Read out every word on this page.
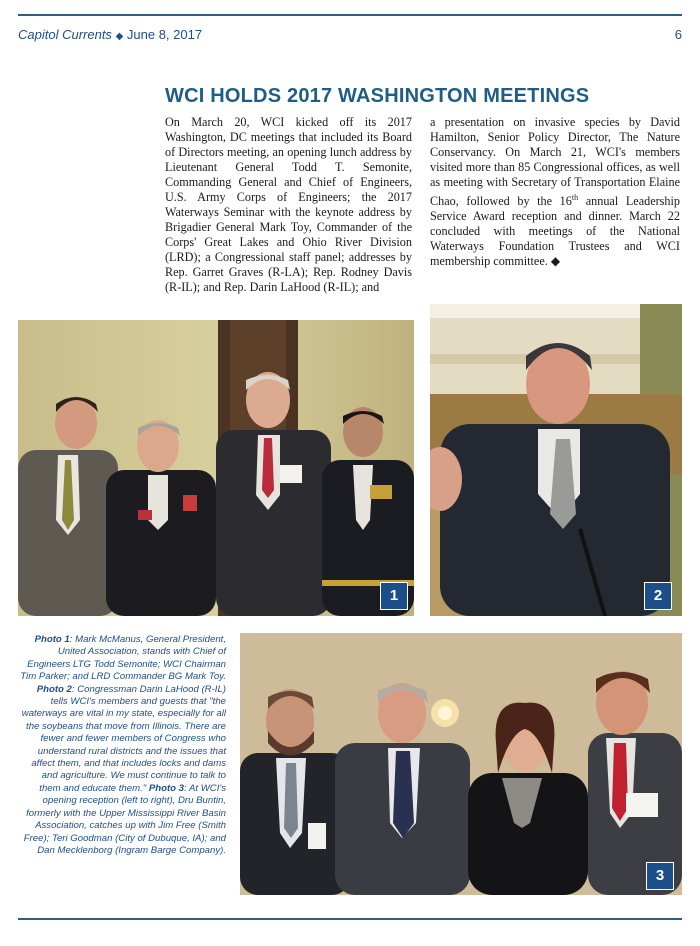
Capitol Currents ◆ June 8, 2017	6
WCI HOLDS 2017 WASHINGTON MEETINGS
On March 20, WCI kicked off its 2017 Washington, DC meetings that included its Board of Directors meeting, an opening lunch address by Lieutenant General Todd T. Semonite, Commanding General and Chief of Engineers, U.S. Army Corps of Engineers; the 2017 Waterways Seminar with the keynote address by Brigadier General Mark Toy, Commander of the Corps' Great Lakes and Ohio River Division (LRD); a Congressional staff panel; addresses by Rep. Garret Graves (R-LA); Rep. Rodney Davis (R-IL); and Rep. Darin LaHood (R-IL); and
a presentation on invasive species by David Hamilton, Senior Policy Director, The Nature Conservancy. On March 21, WCI's members visited more than 85 Congressional offices, as well as meeting with Secretary of Transportation Elaine Chao, followed by the 16th annual Leadership Service Award reception and dinner. March 22 concluded with meetings of the National Waterways Foundation Trustees and WCI membership committee. ◆
1	2
3
Photo 1: Mark McManus, General President, United Association, stands with Chief of Engineers LTG Todd Semonite; WCI Chairman Tim Parker; and LRD Commander BG Mark Toy. Photo 2: Congressman Darin LaHood (R-IL) tells WCI's members and guests that "the waterways are vital in my state, especially for all the soybeans that move from Illinois. There are fewer and fewer members of Congress who understand rural districts and the issues that affect them, and that includes locks and dams and agriculture. We must continue to talk to them and educate them." Photo 3: At WCI's opening reception (left to right), Dru Buntin, formerly with the Upper Mississippi River Basin Association, catches up with Jim Free (Smith Free); Teri Goodman (City of Dubuque, IA); and Dan Mecklenborg (Ingram Barge Company).
